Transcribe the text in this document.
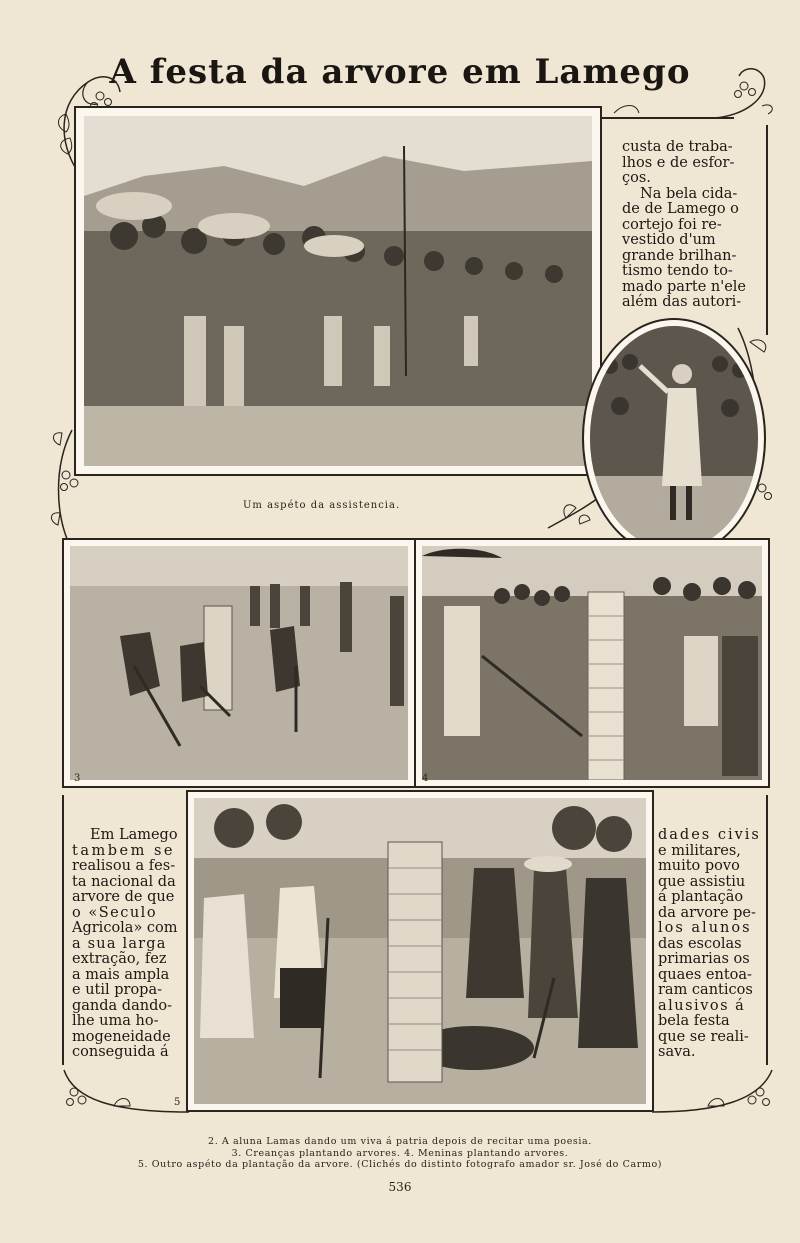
A festa da arvore em Lamego
custa de traba-
lhos e de esfor-
ços.
Na bela cida-
de de Lamego o
cortejo foi re-
vestido d'um
grande brilhan-
tismo tendo to-
mado parte n'ele
além das autori-
Um aspéto da assistencia.
3	4
Em Lamego
tambem se
realisou a fes-
ta nacional da
arvore de que
o «Seculo
Agricola» com
a sua larga
extração, fez
a mais ampla
e util propa-
ganda dando-
lhe uma ho-
mogeneidade
conseguida á
5
dades civis
e militares,
muito povo
que assistiu
á plantação
da arvore pe-
los alunos
das escolas
primarias os
quaes entoa-
ram canticos
alusivos á
bela festa
que se reali-
sava.
2. A aluna Lamas dando um viva á patria depois de recitar uma poesia.
3. Creanças plantando arvores. 4. Meninas plantando arvores.
5. Outro aspéto da plantação da arvore. (Clichés do distinto fotografo amador sr. José do Carmo)
536
